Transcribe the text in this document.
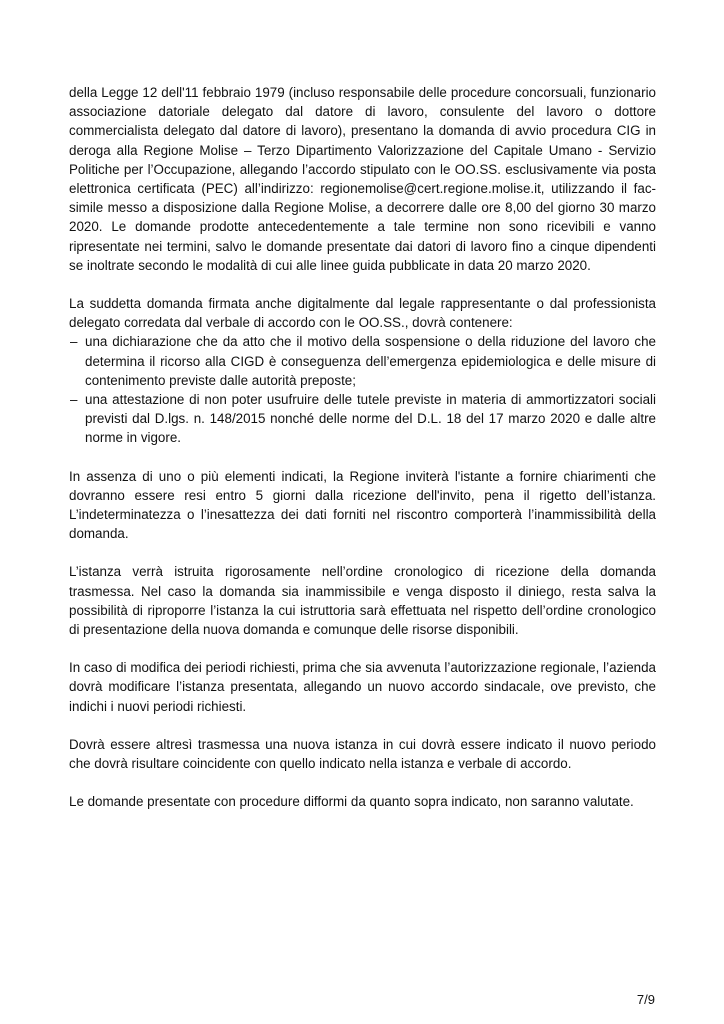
della Legge 12 dell'11 febbraio 1979 (incluso responsabile delle procedure concorsuali, funzionario associazione datoriale delegato dal datore di lavoro, consulente del lavoro o dottore commercialista delegato dal datore di lavoro), presentano la domanda di avvio procedura CIG in deroga alla Regione Molise – Terzo Dipartimento Valorizzazione del Capitale Umano - Servizio Politiche per l’Occupazione, allegando l’accordo stipulato con le OO.SS. esclusivamente via posta elettronica certificata (PEC) all’indirizzo: regionemolise@cert.regione.molise.it, utilizzando il fac-simile messo a disposizione dalla Regione Molise, a decorrere dalle ore 8,00 del giorno 30 marzo 2020. Le domande prodotte antecedentemente a tale termine non sono ricevibili e vanno ripresentate nei termini, salvo le domande presentate dai datori di lavoro fino a cinque dipendenti se inoltrate secondo le modalità di cui alle linee guida pubblicate in data 20 marzo 2020.

La suddetta domanda firmata anche digitalmente dal legale rappresentante o dal professionista delegato corredata dal verbale di accordo con le OO.SS., dovrà contenere:

– una dichiarazione che da atto che il motivo della sospensione o della riduzione del lavoro che determina il ricorso alla CIGD è conseguenza dell’emergenza epidemiologica e delle misure di contenimento previste dalle autorità preposte;
– una attestazione di non poter usufruire delle tutele previste in materia di ammortizzatori sociali previsti dal D.lgs. n. 148/2015 nonché delle norme del D.L. 18 del 17 marzo 2020 e dalle altre norme in vigore.

In assenza di uno o più elementi indicati, la Regione inviterà l'istante a fornire chiarimenti che dovranno essere resi entro 5 giorni dalla ricezione dell'invito, pena il rigetto dell’istanza. L’indeterminatezza o l’inesattezza dei dati forniti nel riscontro comporterà l’inammissibilità della domanda.

L’istanza verrà istruita rigorosamente nell’ordine cronologico di ricezione della domanda trasmessa. Nel caso la domanda sia inammissibile e venga disposto il diniego, resta salva la possibilità di riproporre l’istanza la cui istruttoria sarà effettuata nel rispetto dell’ordine cronologico di presentazione della nuova domanda e comunque delle risorse disponibili.

In caso di modifica dei periodi richiesti, prima che sia avvenuta l’autorizzazione regionale, l’azienda dovrà modificare l’istanza presentata, allegando un nuovo accordo sindacale, ove previsto, che indichi i nuovi periodi richiesti.

Dovrà essere altresì trasmessa una nuova istanza in cui dovrà essere indicato il nuovo periodo che dovrà risultare coincidente con quello indicato nella istanza e verbale di accordo.

Le domande presentate con procedure difformi da quanto sopra indicato, non saranno valutate.

7/9
